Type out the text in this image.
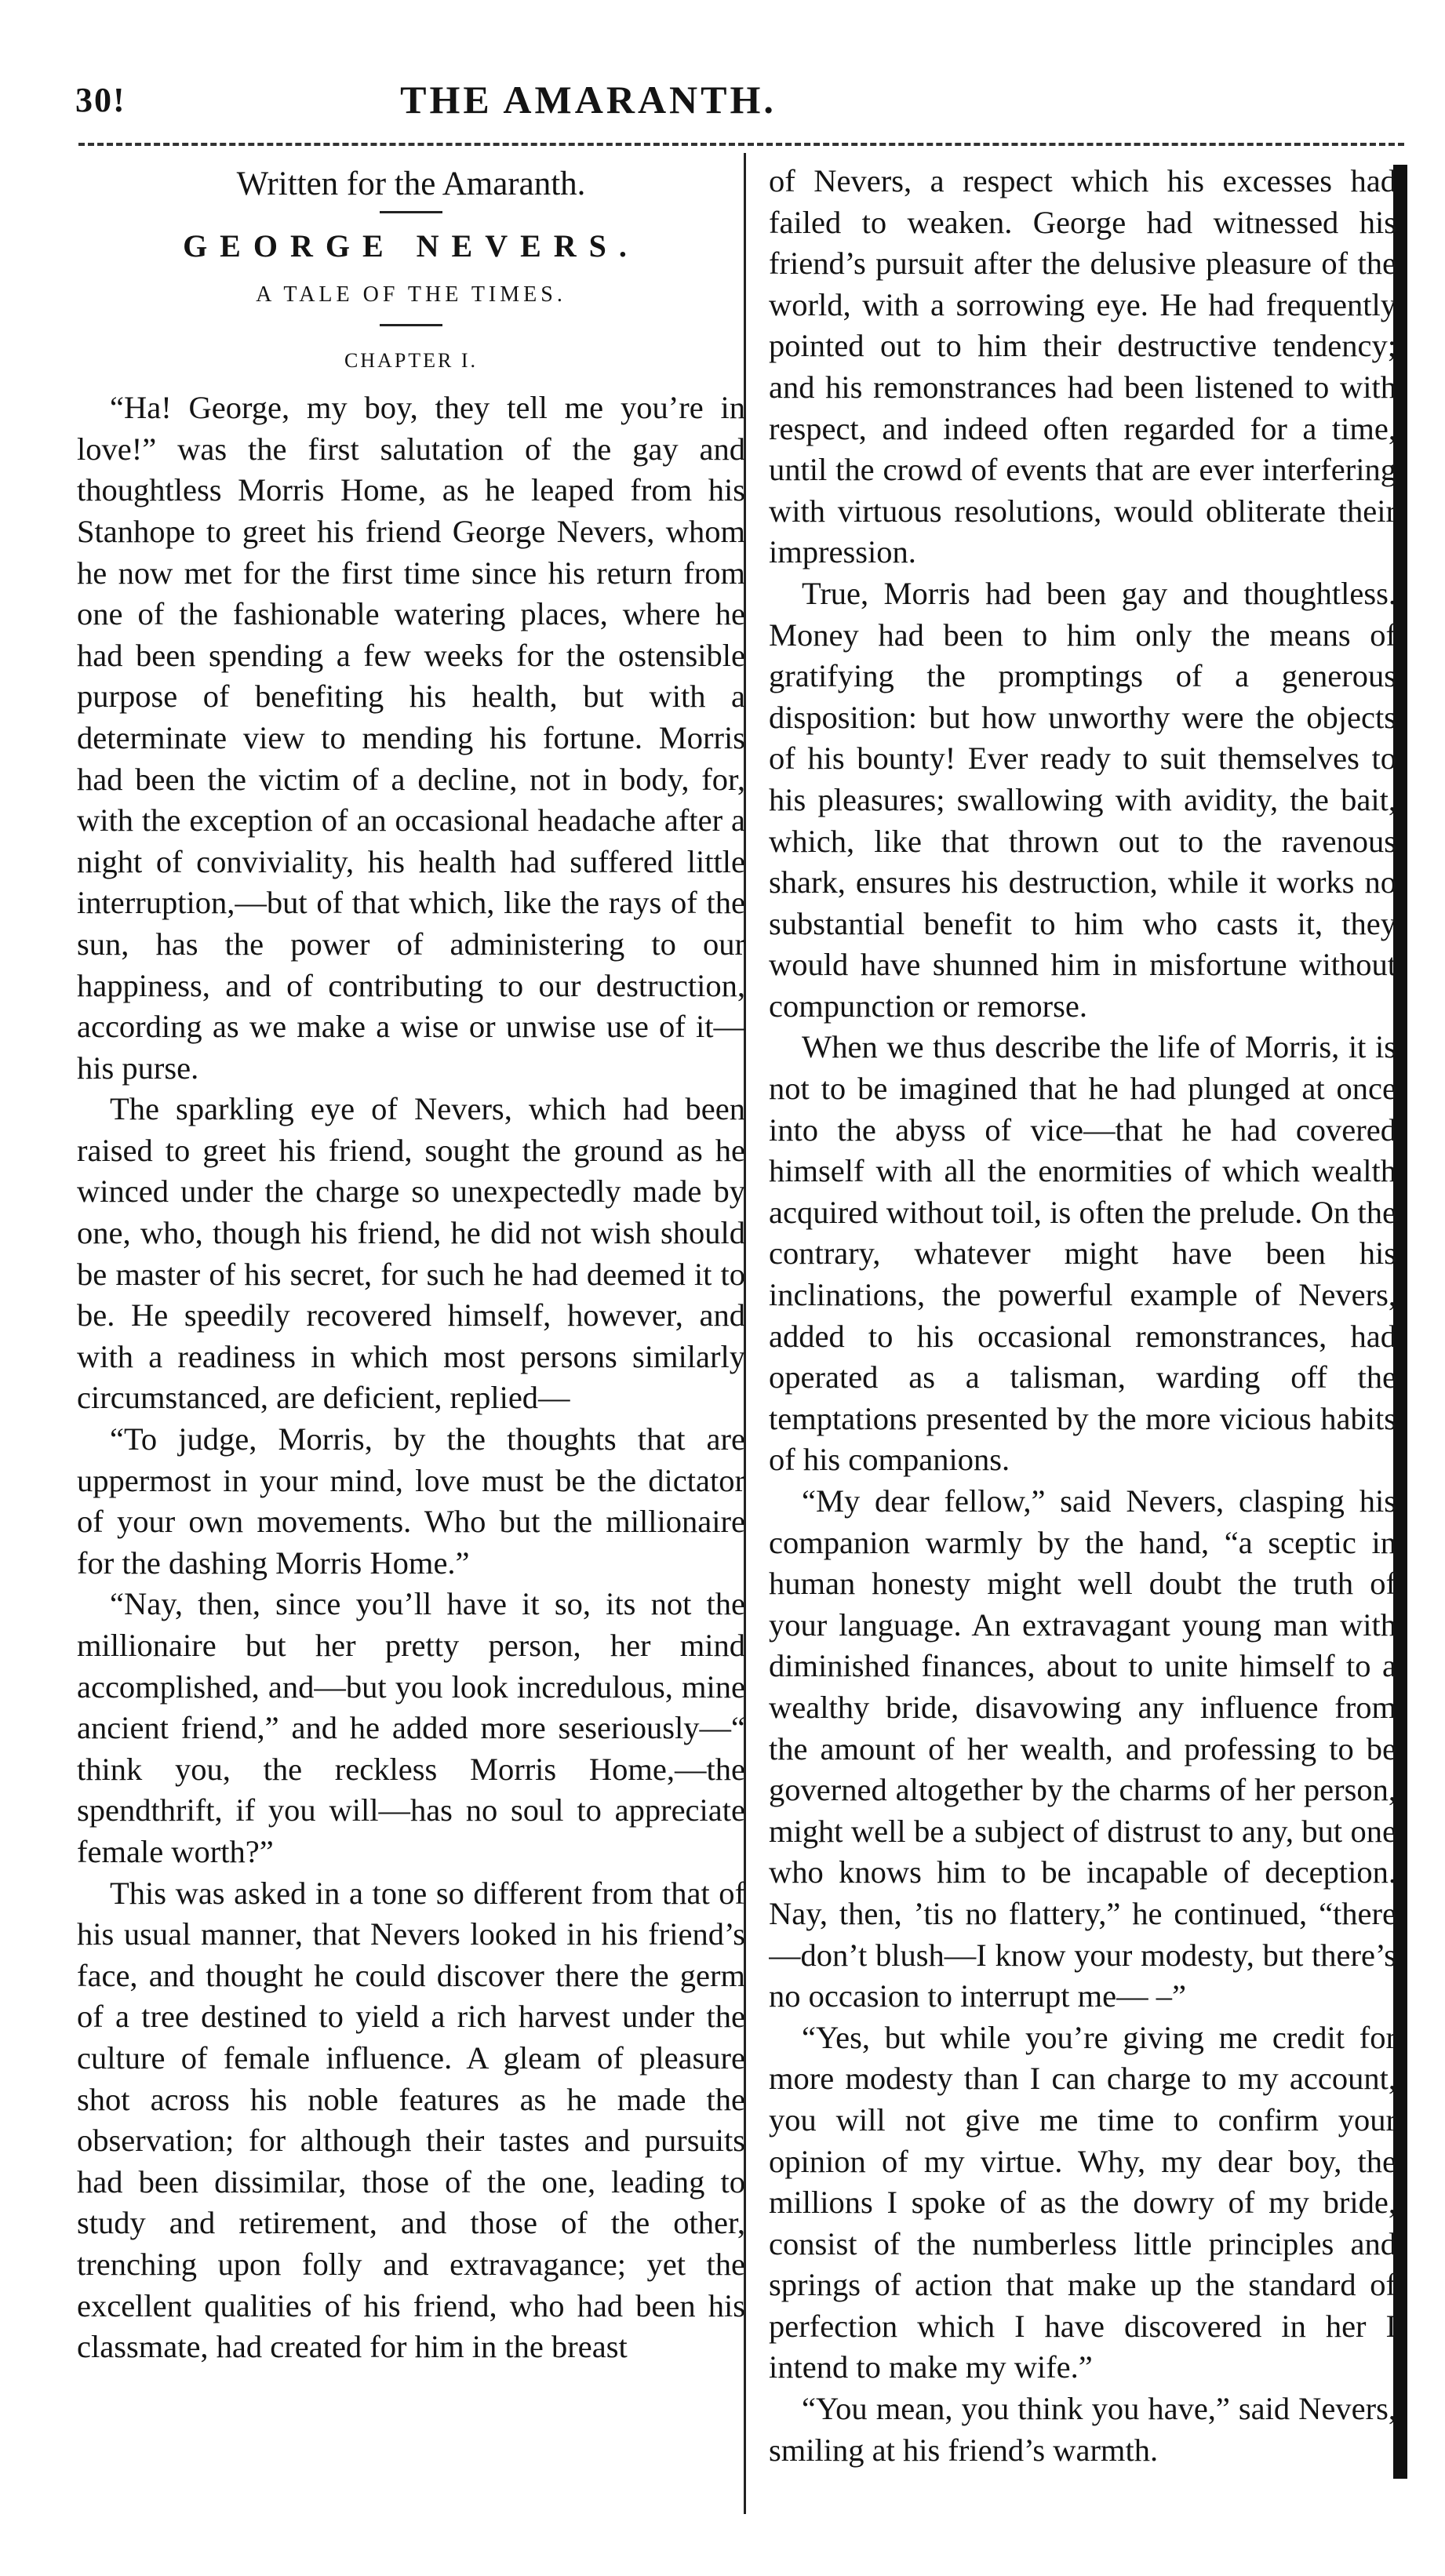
30!	THE AMARANTH.
Written for the Amaranth.
GEORGE NEVERS.
A TALE OF THE TIMES.
CHAPTER I.

“Ha! George, my boy, they tell me you’re in love!” was the first salutation of the gay and thoughtless Morris Home, as he leaped from his Stanhope to greet his friend George Nevers, whom he now met for the first time since his return from one of the fashionable watering places, where he had been spending a few weeks for the ostensible purpose of benefiting his health, but with a determinate view to mending his fortune. Morris had been the victim of a decline, not in body, for, with the exception of an occasional headache after a night of conviviality, his health had suffered little interruption,—but of that which, like the rays of the sun, has the power of administering to our happiness, and of contributing to our destruction, according as we make a wise or unwise use of it—his purse.

The sparkling eye of Nevers, which had been raised to greet his friend, sought the ground as he winced under the charge so unexpectedly made by one, who, though his friend, he did not wish should be master of his secret, for such he had deemed it to be. He speedily recovered himself, however, and with a readiness in which most persons similarly circumstanced, are deficient, replied—

“To judge, Morris, by the thoughts that are uppermost in your mind, love must be the dictator of your own movements. Who but the millionaire for the dashing Morris Home.”

“Nay, then, since you’ll have it so, its not the millionaire but her pretty person, her mind accomplished, and—but you look incredulous, mine ancient friend,” and he added more seseriously—“ think you, the reckless Morris Home,—the spendthrift, if you will—has no soul to appreciate female worth?”

This was asked in a tone so different from that of his usual manner, that Nevers looked in his friend’s face, and thought he could discover there the germ of a tree destined to yield a rich harvest under the culture of female influence. A gleam of pleasure shot across his noble features as he made the observation; for although their tastes and pursuits had been dissimilar, those of the one, leading to study and retirement, and those of the other, trenching upon folly and extravagance; yet the excellent qualities of his friend, who had been his classmate, had created for him in the breast

of Nevers, a respect which his excesses had failed to weaken. George had witnessed his friend’s pursuit after the delusive pleasure of the world, with a sorrowing eye. He had frequently pointed out to him their destructive tendency; and his remonstrances had been listened to with respect, and indeed often regarded for a time, until the crowd of events that are ever interfering with virtuous resolutions, would obliterate their impression.

True, Morris had been gay and thoughtless. Money had been to him only the means of gratifying the promptings of a generous disposition: but how unworthy were the objects of his bounty! Ever ready to suit themselves to his pleasures; swallowing with avidity, the bait, which, like that thrown out to the ravenous shark, ensures his destruction, while it works no substantial benefit to him who casts it, they would have shunned him in misfortune without compunction or remorse.

When we thus describe the life of Morris, it is not to be imagined that he had plunged at once into the abyss of vice—that he had covered himself with all the enormities of which wealth acquired without toil, is often the prelude. On the contrary, whatever might have been his inclinations, the powerful example of Nevers, added to his occasional remonstrances, had operated as a talisman, warding off the temptations presented by the more vicious habits of his companions.

“My dear fellow,” said Nevers, clasping his companion warmly by the hand, “a sceptic in human honesty might well doubt the truth of your language. An extravagant young man with diminished finances, about to unite himself to a wealthy bride, disavowing any influence from the amount of her wealth, and professing to be governed altogether by the charms of her person, might well be a subject of distrust to any, but one who knows him to be incapable of deception. Nay, then, ’tis no flattery,” he continued, “there—don’t blush—I know your modesty, but there’s no occasion to interrupt me— –”

“Yes, but while you’re giving me credit for more modesty than I can charge to my account, you will not give me time to confirm your opinion of my virtue. Why, my dear boy, the millions I spoke of as the dowry of my bride, consist of the numberless little principles and springs of action that make up the standard of perfection which I have discovered in her I intend to make my wife.”

“You mean, you think you have,” said Nevers, smiling at his friend’s warmth.
